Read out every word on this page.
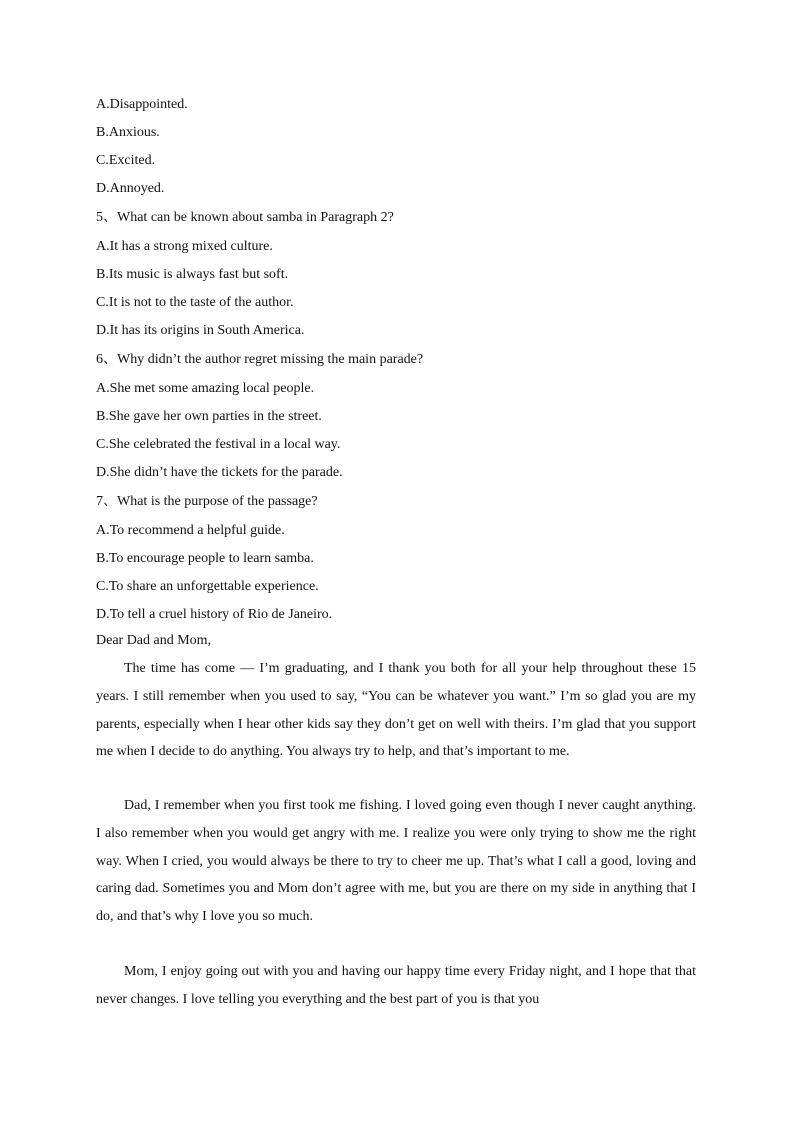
A.Disappointed.
B.Anxious.
C.Excited.
D.Annoyed.
5、What can be known about samba in Paragraph 2?
A.It has a strong mixed culture.
B.Its music is always fast but soft.
C.It is not to the taste of the author.
D.It has its origins in South America.
6、Why didn’t the author regret missing the main parade?
A.She met some amazing local people.
B.She gave her own parties in the street.
C.She celebrated the festival in a local way.
D.She didn’t have the tickets for the parade.
7、What is the purpose of the passage?
A.To recommend a helpful guide.
B.To encourage people to learn samba.
C.To share an unforgettable experience.
D.To tell a cruel history of Rio de Janeiro.
Dear Dad and Mom,
The time has come — I’m graduating, and I thank you both for all your help throughout these 15 years. I still remember when you used to say, “You can be whatever you want.” I’m so glad you are my parents, especially when I hear other kids say they don’t get on well with theirs. I’m glad that you support me when I decide to do anything. You always try to help, and that’s important to me.
Dad, I remember when you first took me fishing. I loved going even though I never caught anything. I also remember when you would get angry with me. I realize you were only trying to show me the right way. When I cried, you would always be there to try to cheer me up. That’s what I call a good, loving and caring dad. Sometimes you and Mom don’t agree with me, but you are there on my side in anything that I do, and that’s why I love you so much.
Mom, I enjoy going out with you and having our happy time every Friday night, and I hope that that never changes. I love telling you everything and the best part of you is that you
